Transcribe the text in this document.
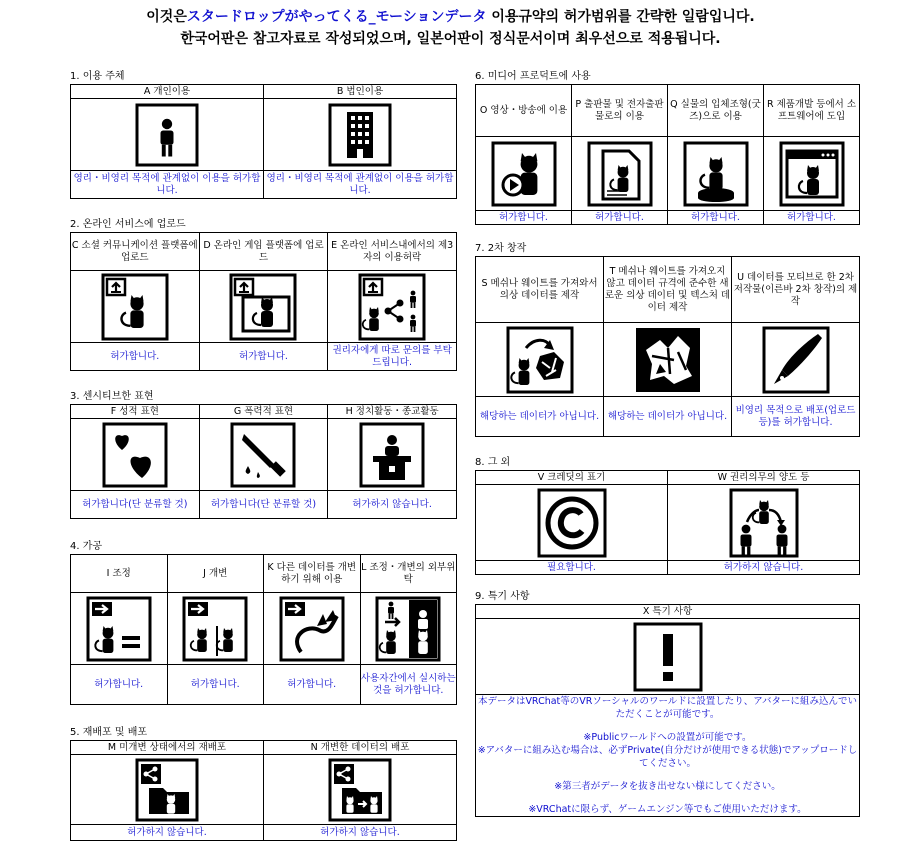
이것은スタードロップがやってくる_モーションデータ 이용규약의 허가범위를 간략한 일람입니다.
한국어판은 참고자료로 작성되었으며, 일본어판이 정식문서이며 최우선으로 적용됩니다.
1. 이용 주체
A 개인이용	B 법인이용

영리・비영리 목적에 관계없이 이용을 허가합니다.	영리・비영리 목적에 관계없이 이용을 허가합니다.
2. 온라인 서비스에 업로드
C 소셜 커뮤니케이션 플랫폼에 업로드	D 온라인 게임 플랫폼에 업로드	E 온라인 서비스내에서의 제3자의 이용허락

허가합니다.	허가합니다.	권리자에게 따로 문의를 부탁드립니다.
3. 센시티브한 표현
F 성적 표현	G 폭력적 표현	H 정치활동・종교활동

허가합니다(단 분류할 것)	허가합니다(단 분류할 것)	허가하지 않습니다.
4. 가공
I 조정	J 개변	K 다른 데이터를 개변하기 위해 이용	L 조정・개변의 외부위탁

허가합니다.	허가합니다.	허가합니다.	사용자간에서 실시하는 것을 허가합니다.
5. 재배포 및 배포
M 미개변 상태에서의 재배포	N 개변한 데이터의 배포

허가하지 않습니다.	허가하지 않습니다.
6. 미디어 프로덕트에 사용
O 영상・방송에 이용	P 출판물 및 전자출판물로의 이용	Q 실물의 입체조형(굿즈)으로 이용	R 제품개발 등에서 소프트웨어에 도입

허가합니다.	허가합니다.	허가합니다.	허가합니다.
7. 2차 창작
S 메쉬나 웨이트를 가져와서 의상 데이터를 제작	T 메쉬나 웨이트를 가져오지 않고 데이터 규격에 준수한 새로운 의상 데이터 및 텍스처 데이터 제작	U 데이터를 모티브로 한 2차 저작물(이른바 2차 창작)의 제작

해당하는 데이터가 아닙니다.	해당하는 데이터가 아닙니다.	비영리 목적으로 배포(업로드 등)를 허가합니다.
8. 그 외
V 크레딧의 표기	W 권리의무의 양도 등

필요합니다.	허가하지 않습니다.
9. 특기 사항
X 특기 사항

本データはVRChat等のVRソーシャルのワールドに設置したり、アバターに組み込んでいただくことが可能です。

※Publicワールドへの設置が可能です。

※アバターに組み込む場合は、必ずPrivate(自分だけが使用できる状態)でアップロードしてください。

※第三者がデータを抜き出せない様にしてください。

※VRChatに限らず、ゲームエンジン等でもご使用いただけます。
